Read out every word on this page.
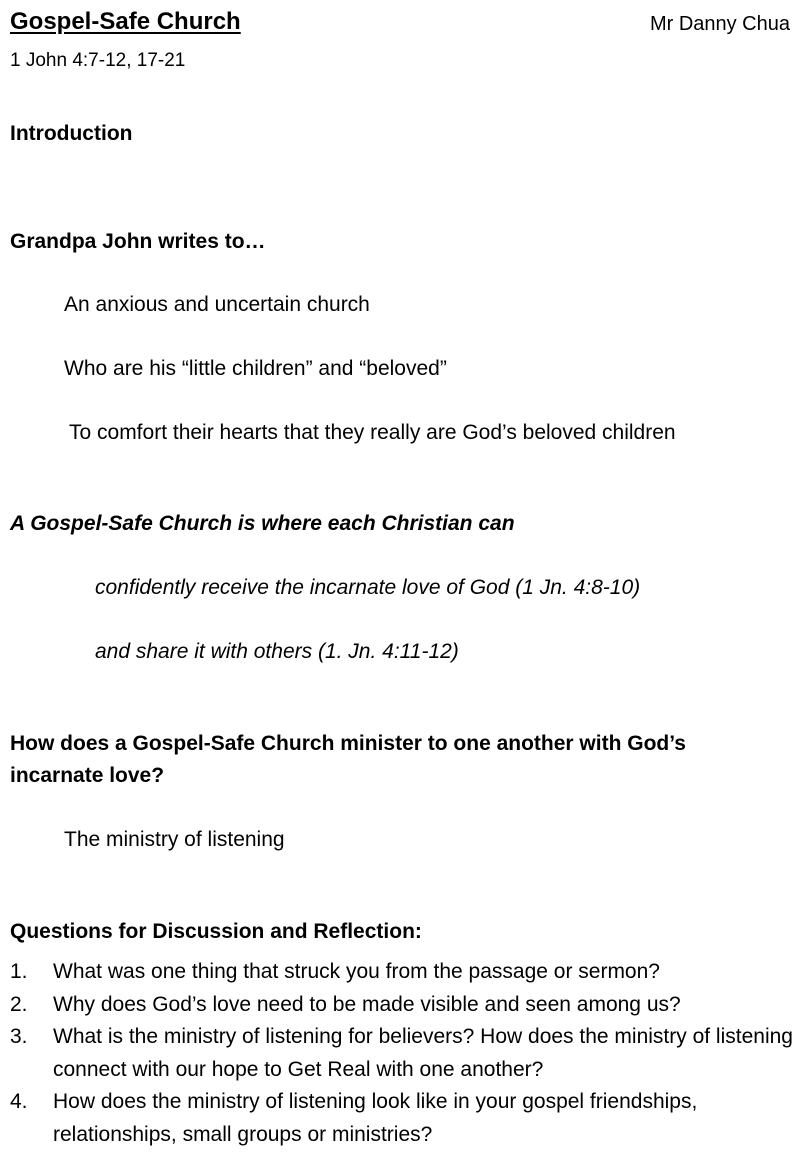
Gospel-Safe Church	Mr Danny Chua
1 John 4:7-12, 17-21
Introduction
Grandpa John writes to…
An anxious and uncertain church
Who are his “little children” and “beloved”
To comfort their hearts that they really are God’s beloved children
A Gospel-Safe Church is where each Christian can
confidently receive the incarnate love of God (1 Jn. 4:8-10)
and share it with others (1. Jn. 4:11-12)
How does a Gospel-Safe Church minister to one another with God’s
incarnate love?
The ministry of listening
Questions for Discussion and Reflection:
1. What was one thing that struck you from the passage or sermon?
2. Why does God’s love need to be made visible and seen among us?
3. What is the ministry of listening for believers? How does the ministry of listening connect with our hope to Get Real with one another?
4. How does the ministry of listening look like in your gospel friendships, relationships, small groups or ministries?
